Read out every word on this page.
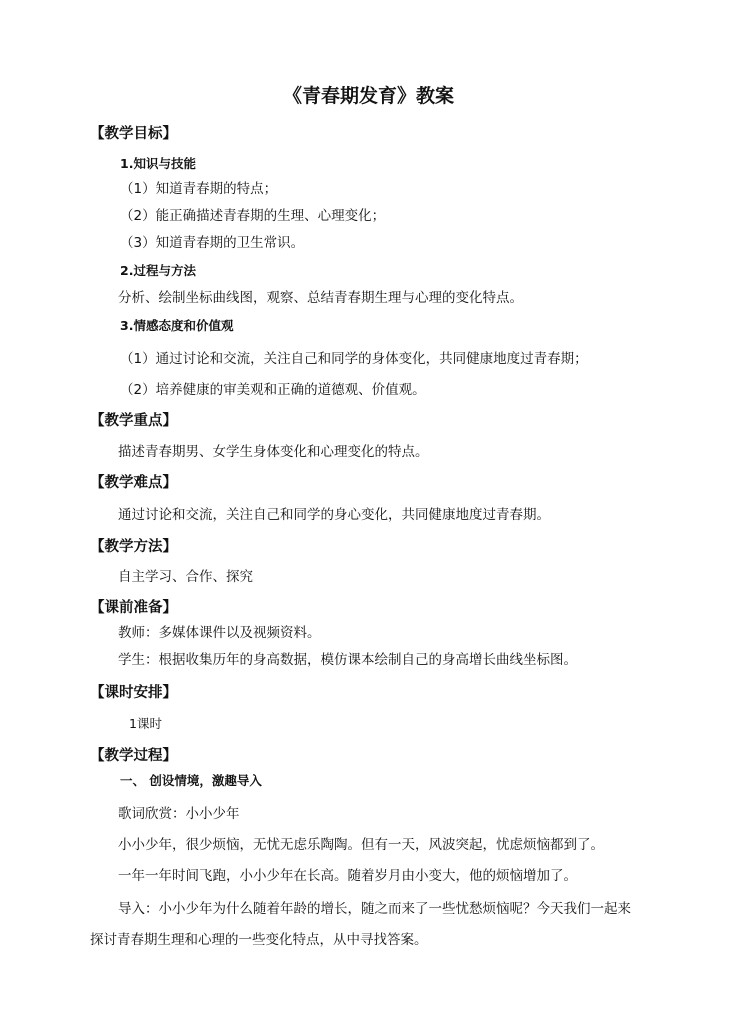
《青春期发育》教案
【教学目标】
1.知识与技能
（1）知道青春期的特点；
（2）能正确描述青春期的生理、心理变化；
（3）知道青春期的卫生常识。
2.过程与方法
分析、绘制坐标曲线图，观察、总结青春期生理与心理的变化特点。
3.情感态度和价值观
（1）通过讨论和交流，关注自己和同学的身体变化，共同健康地度过青春期；
（2）培养健康的审美观和正确的道德观、价值观。
【教学重点】
描述青春期男、女学生身体变化和心理变化的特点。
【教学难点】
通过讨论和交流，关注自己和同学的身心变化，共同健康地度过青春期。
【教学方法】
自主学习、合作、探究
【课前准备】
教师：多媒体课件以及视频资料。
学生：根据收集历年的身高数据，模仿课本绘制自己的身高增长曲线坐标图。
【课时安排】
1课时
【教学过程】
一、 创设情境，激趣导入
歌词欣赏：小小少年
小小少年，很少烦恼，无忧无虑乐陶陶。但有一天，风波突起，忧虑烦恼都到了。
一年一年时间飞跑，小小少年在长高。随着岁月由小变大，他的烦恼增加了。
导入：小小少年为什么随着年龄的增长，随之而来了一些忧愁烦恼呢？今天我们一起来
探讨青春期生理和心理的一些变化特点，从中寻找答案。
